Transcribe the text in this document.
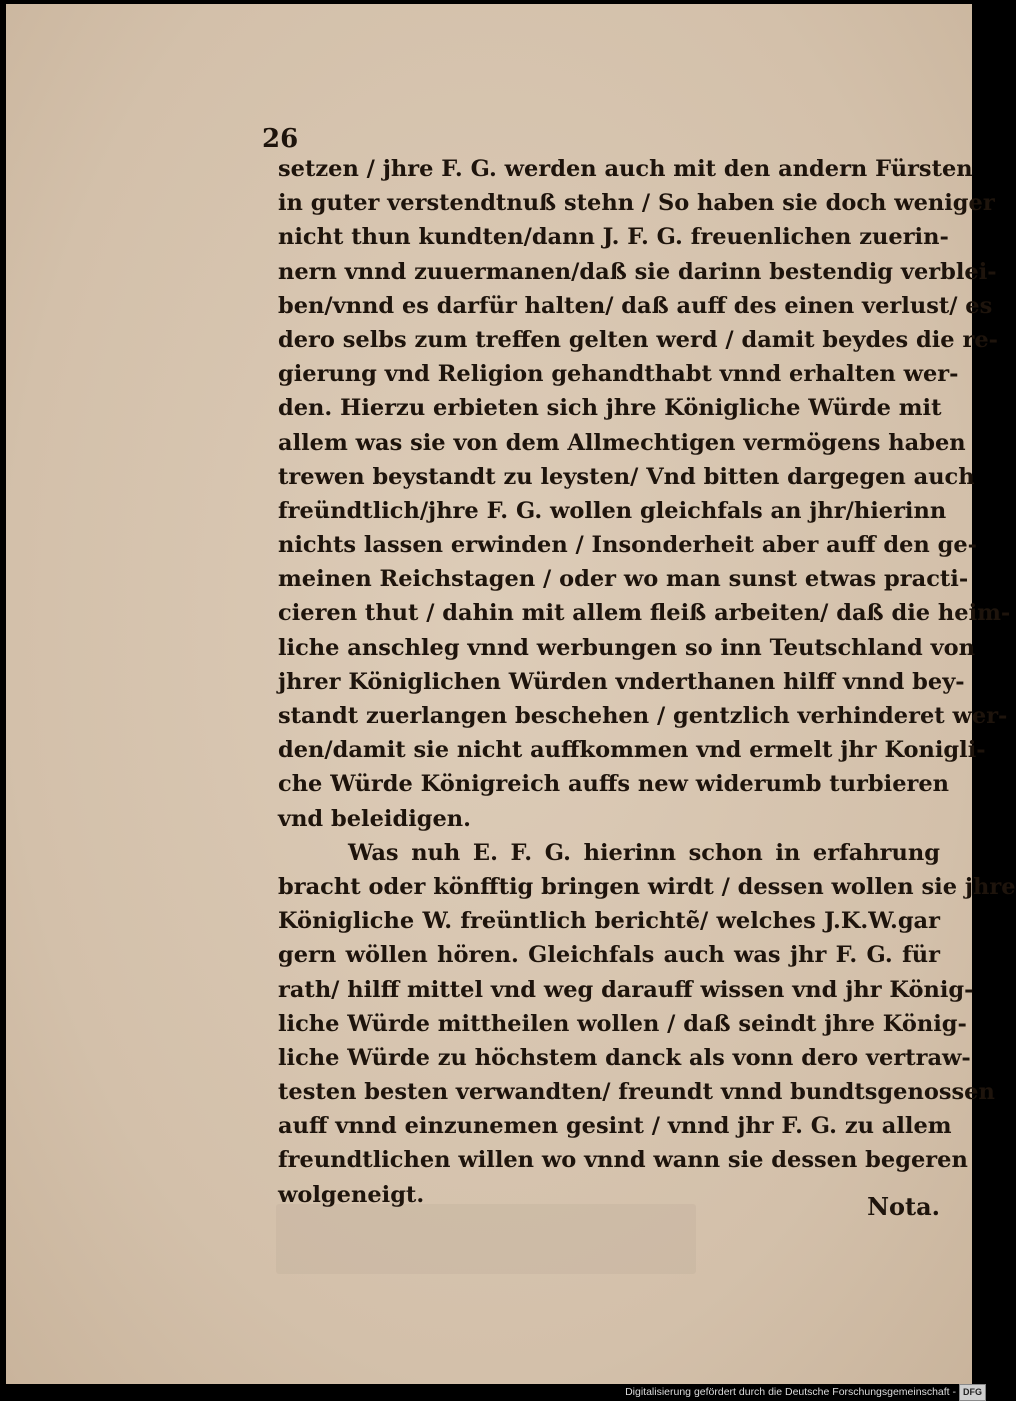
26
setzen / jhre F. G. werden auch mit den andern Fürsten
in guter verstendtnuß stehn / So haben sie doch weniger
nicht thun kundten/dann J. F. G. freuenlichen zuerin-
nern vnnd zuuermanen/daß sie darinn bestendig verblei-
ben/vnnd es darfür halten/ daß auff des einen verlust/ es
dero selbs zum treffen gelten werd / damit beydes die re-
gierung vnd Religion gehandthabt vnnd erhalten wer-
den. Hierzu erbieten sich jhre Königliche Würde mit
allem was sie von dem Allmechtigen vermögens haben
trewen beystandt zu leysten/ Vnd bitten dargegen auch
freündtlich/jhre F. G. wollen gleichfals an jhr/hierinn
nichts lassen erwinden / Insonderheit aber auff den ge-
meinen Reichstagen / oder wo man sunst etwas practi-
cieren thut / dahin mit allem fleiß arbeiten/ daß die heim-
liche anschleg vnnd werbungen so inn Teutschland von
jhrer Königlichen Würden vnderthanen hilff vnnd bey-
standt zuerlangen beschehen / gentzlich verhinderet wer-
den/damit sie nicht auffkommen vnd ermelt jhr Konigli-
che Würde Königreich auffs new widerumb turbieren
vnd beleidigen.
Was nuh E. F. G. hierinn schon in erfahrung
bracht oder könfftig bringen wirdt / dessen wollen sie jhre
Königliche W. freüntlich berichtẽ/ welches J.K.W.gar
gern wöllen hören. Gleichfals auch was jhr F. G. für
rath/ hilff mittel vnd weg darauff wissen vnd jhr König-
liche Würde mittheilen wollen / daß seindt jhre König-
liche Würde zu höchstem danck als vonn dero vertraw-
testen besten verwandten/ freundt vnnd bundtsgenossen
auff vnnd einzunemen gesint / vnnd jhr F. G. zu allem
freundtlichen willen wo vnnd wann sie dessen begeren
wolgeneigt.	Nota.
Digitalisierung gefördert durch die Deutsche Forschungsgemeinschaft - DFG
